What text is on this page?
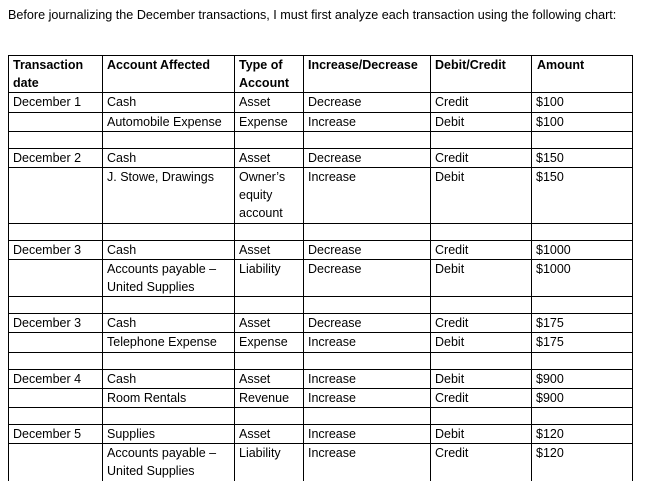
Before journalizing the December transactions, I must first analyze each transaction using the following chart:
Transaction date	Account Affected	Type of Account	Increase/Decrease	Debit/Credit	Amount
December 1	Cash	Asset	Decrease	Credit	$100
	Automobile Expense	Expense	Increase	Debit	$100

December 2	Cash	Asset	Decrease	Credit	$150
	J. Stowe, Drawings	Owner’s equity account	Increase	Debit	$150

December 3	Cash	Asset	Decrease	Credit	$1000
	Accounts payable – United Supplies	Liability	Decrease	Debit	$1000

December 3	Cash	Asset	Decrease	Credit	$175
	Telephone Expense	Expense	Increase	Debit	$175

December 4	Cash	Asset	Increase	Debit	$900
	Room Rentals	Revenue	Increase	Credit	$900

December 5	Supplies	Asset	Increase	Debit	$120
	Accounts payable – United Supplies	Liability	Increase	Credit	$120
